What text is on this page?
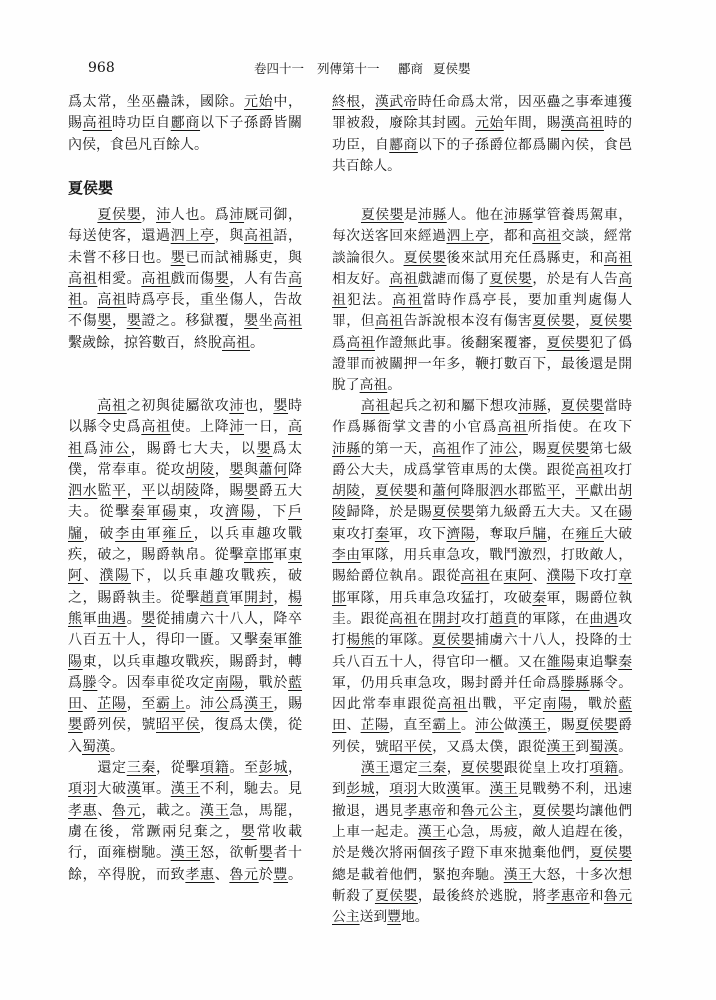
968	卷四十一 列傳第十一 酈商 夏侯嬰
爲太常，坐巫蠱誅，國除。元始中，
賜高祖時功臣自酈商以下子孫爵皆關
內侯，食邑凡百餘人。
夏侯嬰
夏侯嬰，沛人也。爲沛厩司御，
每送使客，還過泗上亭，與高祖語，
未嘗不移日也。嬰已而試補縣吏，與
高祖相愛。高祖戲而傷嬰，人有告高
祖。高祖時爲亭長，重坐傷人，告故
不傷嬰，嬰證之。移獄覆，嬰坐高祖
繫歲餘，掠笞數百，終脫高祖。
高祖之初與徒屬欲攻沛也，嬰時
以縣令史爲高祖使。上降沛一日，高
祖爲沛公，賜爵七大夫，以嬰爲太
僕，常奉車。從攻胡陵，嬰與蕭何降
泗水監平，平以胡陵降，賜嬰爵五大
夫。從擊秦軍碭東，攻濟陽，下戶
牖，破李由軍雍丘，以兵車趣攻戰
疾，破之，賜爵執帛。從擊章邯軍東
阿、濮陽下，以兵車趣攻戰疾，破
之，賜爵執圭。從擊趙賁軍開封，楊
熊軍曲遇。嬰從捕虜六十八人，降卒
八百五十人，得印一匱。又擊秦軍雒
陽東，以兵車趣攻戰疾，賜爵封，轉
爲滕令。因奉車從攻定南陽，戰於藍
田、芷陽，至霸上。沛公爲漢王，賜
嬰爵列侯，號昭平侯，復爲太僕，從
入蜀漢。
還定三秦，從擊項籍。至彭城，
項羽大破漢軍。漢王不利，馳去。見
孝惠、魯元，載之。漢王急，馬罷，
虜在後，常蹶兩兒棄之，嬰常收載
行，面雍樹馳。漢王怒，欲斬嬰者十
餘，卒得脫，而致孝惠、魯元於豐。
終根，漢武帝時任命爲太常，因巫蠱之事牽連獲
罪被殺，廢除其封國。元始年間，賜漢高祖時的
功臣，自酈商以下的子孫爵位都爲關內侯，食邑
共百餘人。
夏侯嬰是沛縣人。他在沛縣掌管養馬駕車，
每次送客回來經過泗上亭，都和高祖交談，經常
談論很久。夏侯嬰後來試用充任爲縣吏，和高祖
相友好。高祖戲謔而傷了夏侯嬰，於是有人告高
祖犯法。高祖當時作爲亭長，要加重判處傷人
罪，但高祖告訴說根本沒有傷害夏侯嬰，夏侯嬰
爲高祖作證無此事。後翻案覆審，夏侯嬰犯了僞
證罪而被關押一年多，鞭打數百下，最後還是開
脫了高祖。
高祖起兵之初和屬下想攻沛縣，夏侯嬰當時
作爲縣衙掌文書的小官爲高祖所指使。在攻下
沛縣的第一天，高祖作了沛公，賜夏侯嬰第七級
爵公大夫，成爲掌管車馬的太僕。跟從高祖攻打
胡陵，夏侯嬰和蕭何降服泗水郡監平，平獻出胡
陵歸降，於是賜夏侯嬰第九級爵五大夫。又在碭
東攻打秦軍，攻下濟陽，奪取戶牖，在雍丘大破
李由軍隊，用兵車急攻，戰鬥激烈，打敗敵人，
賜給爵位執帛。跟從高祖在東阿、濮陽下攻打章
邯軍隊，用兵車急攻猛打，攻破秦軍，賜爵位執
圭。跟從高祖在開封攻打趙賁的軍隊，在曲遇攻
打楊熊的軍隊。夏侯嬰捕虜六十八人，投降的士
兵八百五十人，得官印一櫃。又在雒陽東追擊秦
軍，仍用兵車急攻，賜封爵并任命爲滕縣縣令。
因此常奉車跟從高祖出戰，平定南陽，戰於藍
田、芷陽，直至霸上。沛公做漢王，賜夏侯嬰爵
列侯，號昭平侯，又爲太僕，跟從漢王到蜀漢。
漢王還定三秦，夏侯嬰跟從皇上攻打項籍。
到彭城，項羽大敗漢軍。漢王見戰勢不利，迅速
撤退，遇見孝惠帝和魯元公主，夏侯嬰均讓他們
上車一起走。漢王心急，馬疲，敵人追趕在後，
於是幾次將兩個孩子蹬下車來拋棄他們，夏侯嬰
總是載着他們，緊抱奔馳。漢王大怒，十多次想
斬殺了夏侯嬰，最後終於逃脫，將孝惠帝和魯元
公主送到豐地。
